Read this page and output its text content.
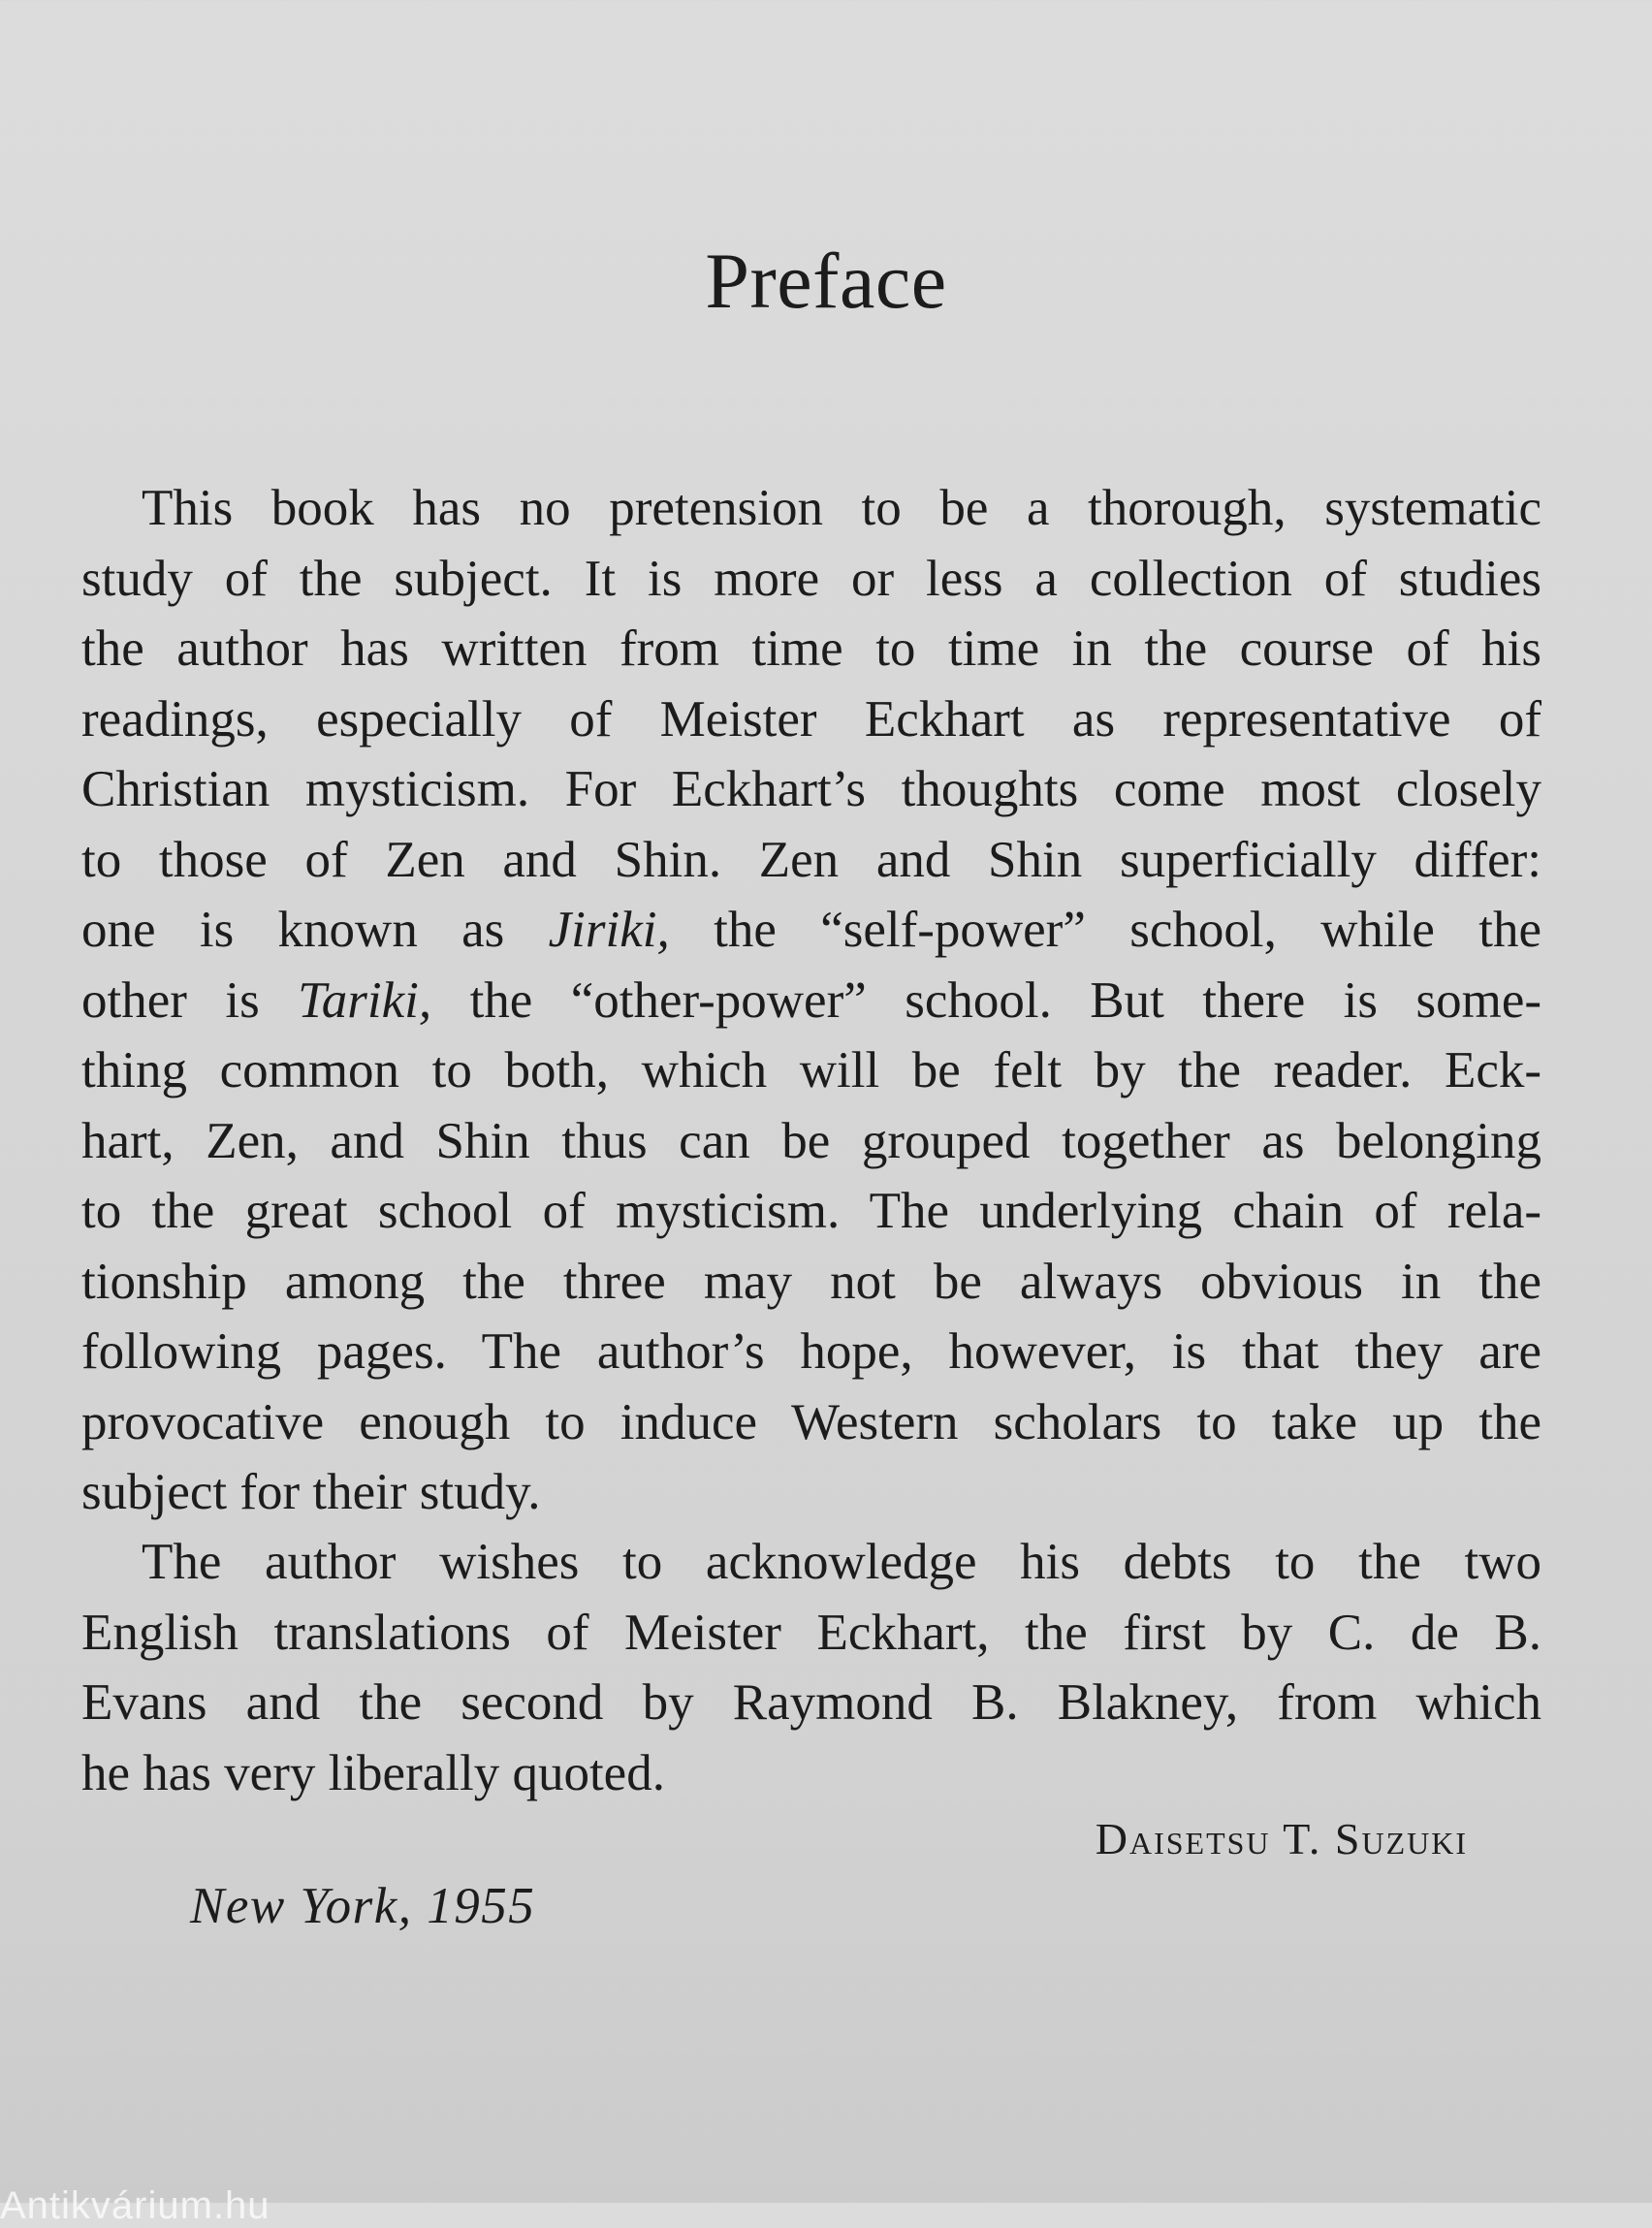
Preface
This book has no pretension to be a thorough, systematic
study of the subject. It is more or less a collection of studies
the author has written from time to time in the course of his
readings, especially of Meister Eckhart as representative of
Christian mysticism. For Eckhart’s thoughts come most closely
to those of Zen and Shin. Zen and Shin superficially differ:
one is known as Jiriki, the “self-power” school, while the
other is Tariki, the “other-power” school. But there is some-
thing common to both, which will be felt by the reader. Eck-
hart, Zen, and Shin thus can be grouped together as belonging
to the great school of mysticism. The underlying chain of rela-
tionship among the three may not be always obvious in the
following pages. The author’s hope, however, is that they are
provocative enough to induce Western scholars to take up the
subject for their study.
The author wishes to acknowledge his debts to the two
English translations of Meister Eckhart, the first by C. de B.
Evans and the second by Raymond B. Blakney, from which
he has very liberally quoted.
Daisetsu T. Suzuki
New York, 1955
Antikvárium.hu
